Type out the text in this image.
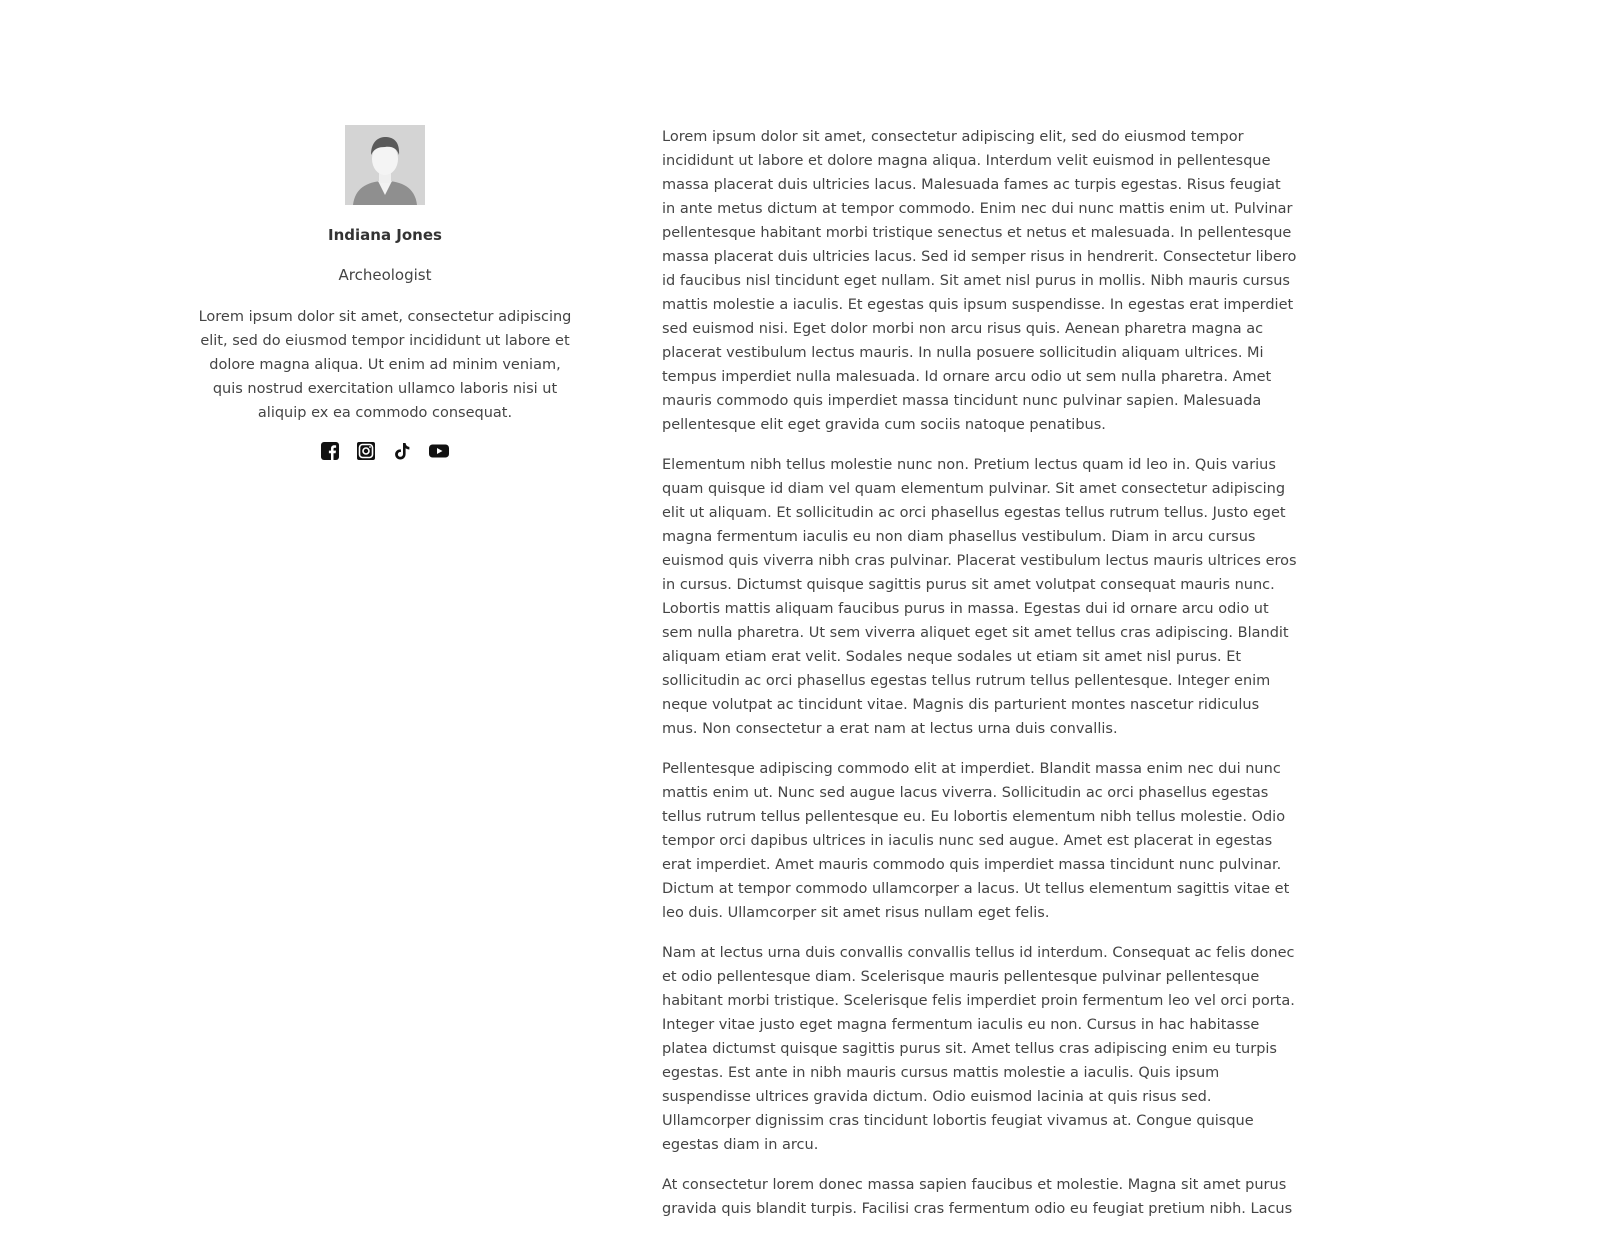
Indiana Jones
Archeologist
Lorem ipsum dolor sit amet, consectetur adipiscing elit, sed do eiusmod tempor incididunt ut labore et dolore magna aliqua. Ut enim ad minim veniam, quis nostrud exercitation ullamco laboris nisi ut aliquip ex ea commodo consequat.

Lorem ipsum dolor sit amet, consectetur adipiscing elit, sed do eiusmod tempor incididunt ut labore et dolore magna aliqua. Interdum velit euismod in pellentesque massa placerat duis ultricies lacus. Malesuada fames ac turpis egestas. Risus feugiat in ante metus dictum at tempor commodo. Enim nec dui nunc mattis enim ut. Pulvinar pellentesque habitant morbi tristique senectus et netus et malesuada. In pellentesque massa placerat duis ultricies lacus. Sed id semper risus in hendrerit. Consectetur libero id faucibus nisl tincidunt eget nullam. Sit amet nisl purus in mollis. Nibh mauris cursus mattis molestie a iaculis. Et egestas quis ipsum suspendisse. In egestas erat imperdiet sed euismod nisi. Eget dolor morbi non arcu risus quis. Aenean pharetra magna ac placerat vestibulum lectus mauris. In nulla posuere sollicitudin aliquam ultrices. Mi tempus imperdiet nulla malesuada. Id ornare arcu odio ut sem nulla pharetra. Amet mauris commodo quis imperdiet massa tincidunt nunc pulvinar sapien. Malesuada pellentesque elit eget gravida cum sociis natoque penatibus.

Elementum nibh tellus molestie nunc non. Pretium lectus quam id leo in. Quis varius quam quisque id diam vel quam elementum pulvinar. Sit amet consectetur adipiscing elit ut aliquam. Et sollicitudin ac orci phasellus egestas tellus rutrum tellus. Justo eget magna fermentum iaculis eu non diam phasellus vestibulum. Diam in arcu cursus euismod quis viverra nibh cras pulvinar. Placerat vestibulum lectus mauris ultrices eros in cursus. Dictumst quisque sagittis purus sit amet volutpat consequat mauris nunc. Lobortis mattis aliquam faucibus purus in massa. Egestas dui id ornare arcu odio ut sem nulla pharetra. Ut sem viverra aliquet eget sit amet tellus cras adipiscing. Blandit aliquam etiam erat velit. Sodales neque sodales ut etiam sit amet nisl purus. Et sollicitudin ac orci phasellus egestas tellus rutrum tellus pellentesque. Integer enim neque volutpat ac tincidunt vitae. Magnis dis parturient montes nascetur ridiculus mus. Non consectetur a erat nam at lectus urna duis convallis.

Pellentesque adipiscing commodo elit at imperdiet. Blandit massa enim nec dui nunc mattis enim ut. Nunc sed augue lacus viverra. Sollicitudin ac orci phasellus egestas tellus rutrum tellus pellentesque eu. Eu lobortis elementum nibh tellus molestie. Odio tempor orci dapibus ultrices in iaculis nunc sed augue. Amet est placerat in egestas erat imperdiet. Amet mauris commodo quis imperdiet massa tincidunt nunc pulvinar. Dictum at tempor commodo ullamcorper a lacus. Ut tellus elementum sagittis vitae et leo duis. Ullamcorper sit amet risus nullam eget felis.

Nam at lectus urna duis convallis convallis tellus id interdum. Consequat ac felis donec et odio pellentesque diam. Scelerisque mauris pellentesque pulvinar pellentesque habitant morbi tristique. Scelerisque felis imperdiet proin fermentum leo vel orci porta. Integer vitae justo eget magna fermentum iaculis eu non. Cursus in hac habitasse platea dictumst quisque sagittis purus sit. Amet tellus cras adipiscing enim eu turpis egestas. Est ante in nibh mauris cursus mattis molestie a iaculis. Quis ipsum suspendisse ultrices gravida dictum. Odio euismod lacinia at quis risus sed. Ullamcorper dignissim cras tincidunt lobortis feugiat vivamus at. Congue quisque egestas diam in arcu.

At consectetur lorem donec massa sapien faucibus et molestie. Magna sit amet purus gravida quis blandit turpis. Facilisi cras fermentum odio eu feugiat pretium nibh. Lacus
